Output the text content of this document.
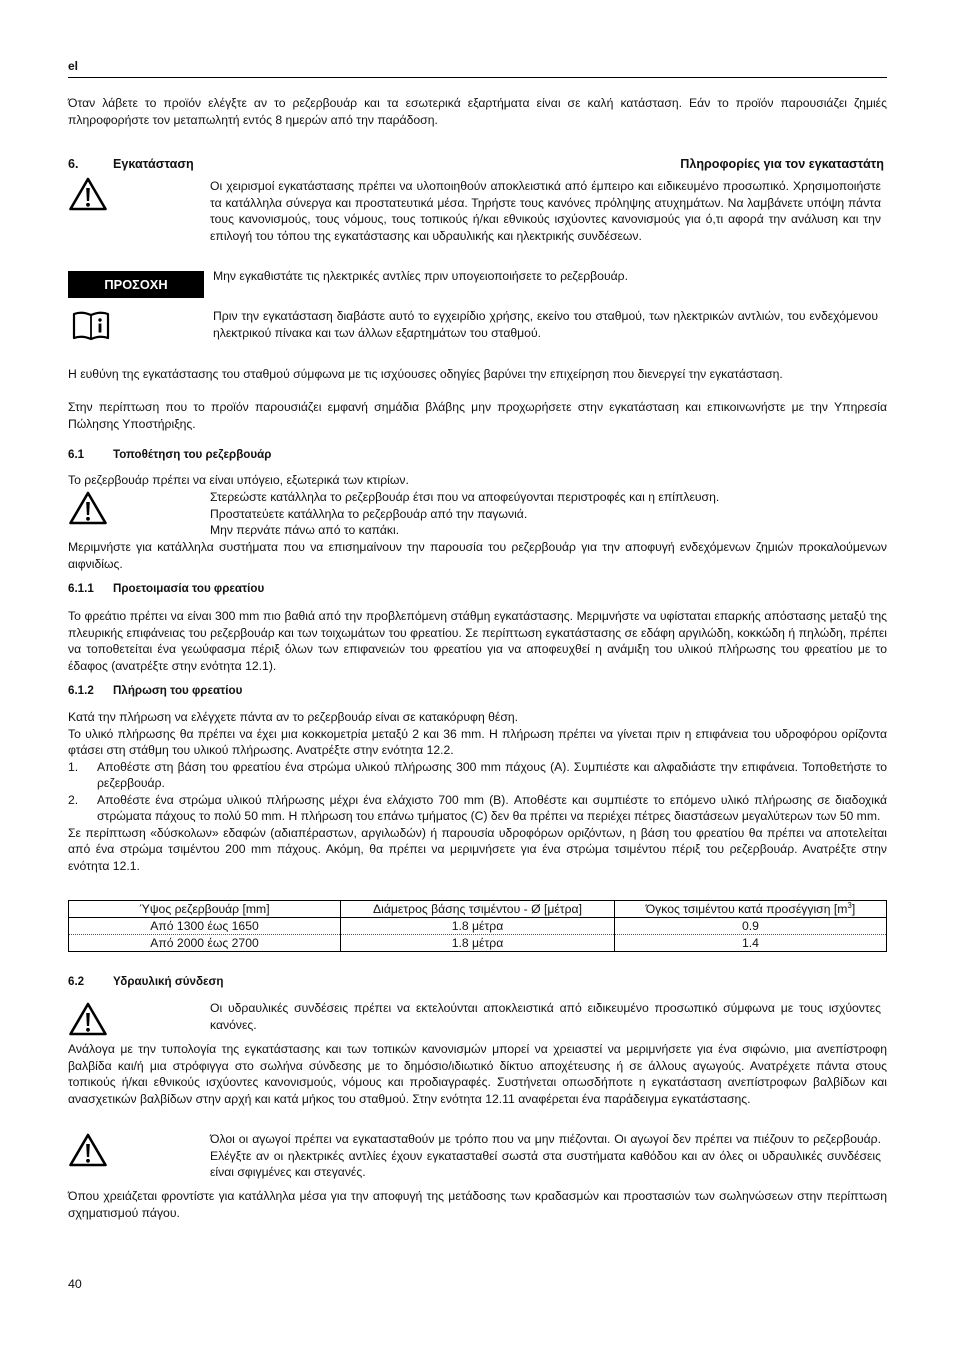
el

Όταν λάβετε το προϊόν ελέγξτε αν το ρεζερβουάρ και τα εσωτερικά εξαρτήματα είναι σε καλή κατάσταση. Εάν το προϊόν παρουσιάζει ζημιές πληροφορήστε τον μεταπωλητή εντός 8 ημερών από την παράδοση.

6.	Εγκατάσταση	Πληροφορίες για τον εγκαταστάτη

Οι χειρισμοί εγκατάστασης πρέπει να υλοποιηθούν αποκλειστικά από έμπειρο και ειδικευμένο προσωπικό. Χρησιμοποιήστε τα κατάλληλα σύνεργα και προστατευτικά μέσα. Τηρήστε τους κανόνες πρόληψης ατυχημάτων. Να λαμβάνετε υπόψη πάντα τους κανονισμούς, τους νόμους, τους τοπικούς ή/και εθνικούς ισχύοντες κανονισμούς για ό,τι αφορά την ανάλυση και την επιλογή του τόπου της εγκατάστασης και υδραυλικής και ηλεκτρικής συνδέσεων.

ΠΡΟΣΟΧΗ

Μην εγκαθιστάτε τις ηλεκτρικές αντλίες πριν υπογειοποιήσετε το ρεζερβουάρ.

Πριν την εγκατάσταση διαβάστε αυτό το εγχειρίδιο χρήσης, εκείνο του σταθμού, των ηλεκτρικών αντλιών, του ενδεχόμενου ηλεκτρικού πίνακα και των άλλων εξαρτημάτων του σταθμού.

Η ευθύνη της εγκατάστασης του σταθμού σύμφωνα με τις ισχύουσες οδηγίες βαρύνει την επιχείρηση που διενεργεί την εγκατάσταση.

Στην περίπτωση που το προϊόν παρουσιάζει εμφανή σημάδια βλάβης μην προχωρήσετε στην εγκατάσταση και επικοινωνήστε με την Υπηρεσία Πώλησης Υποστήριξης.

6.1 Τοποθέτηση του ρεζερβουάρ

Το ρεζερβουάρ πρέπει να είναι υπόγειο, εξωτερικά των κτιρίων.

Στερεώστε κατάλληλα το ρεζερβουάρ έτσι που να αποφεύγονται περιστροφές και η επίπλευση.
Προστατεύετε κατάλληλα το ρεζερβουάρ από την παγωνιά.
Μην περνάτε πάνω από το καπάκι.

Μεριμνήστε για κατάλληλα συστήματα που να επισημαίνουν την παρουσία του ρεζερβουάρ για την αποφυγή ενδεχόμενων ζημιών προκαλούμενων αιφνιδίως.

6.1.1 Προετοιμασία του φρεατίου

Το φρεάτιο πρέπει να είναι 300 mm πιο βαθιά από την προβλεπόμενη στάθμη εγκατάστασης. Μεριμνήστε να υφίσταται επαρκής απόστασης μεταξύ της πλευρικής επιφάνειας του ρεζερβουάρ και των τοιχωμάτων του φρεατίου. Σε περίπτωση εγκατάστασης σε εδάφη αργιλώδη, κοκκώδη ή πηλώδη, πρέπει να τοποθετείται ένα γεωύφασμα πέριξ όλων των επιφανειών του φρεατίου για να αποφευχθεί η ανάμιξη του υλικού πλήρωσης του φρεατίου με το έδαφος (ανατρέξτε στην ενότητα 12.1).

6.1.2 Πλήρωση του φρεατίου

Κατά την πλήρωση να ελέγχετε πάντα αν το ρεζερβουάρ είναι σε κατακόρυφη θέση.

Το υλικό πλήρωσης θα πρέπει να έχει μια κοκκομετρία μεταξύ 2 και 36 mm. Η πλήρωση πρέπει να γίνεται πριν η επιφάνεια του υδροφόρου ορίζοντα φτάσει στη στάθμη του υλικού πλήρωσης. Ανατρέξτε στην ενότητα 12.2.

1. Αποθέστε στη βάση του φρεατίου ένα στρώμα υλικού πλήρωσης 300 mm πάχους (A). Συμπιέστε και αλφαδιάστε την επιφάνεια. Τοποθετήστε το ρεζερβουάρ.
2. Αποθέστε ένα στρώμα υλικού πλήρωσης μέχρι ένα ελάχιστο 700 mm (B). Αποθέστε και συμπιέστε το επόμενο υλικό πλήρωσης σε διαδοχικά στρώματα πάχους το πολύ 50 mm. Η πλήρωση του επάνω τμήματος (C) δεν θα πρέπει να περιέχει πέτρες διαστάσεων μεγαλύτερων των 50 mm.

Σε περίπτωση «δύσκολων» εδαφών (αδιαπέραστων, αργιλωδών) ή παρουσία υδροφόρων οριζόντων, η βάση του φρεατίου θα πρέπει να αποτελείται από ένα στρώμα τσιμέντου 200 mm πάχους. Ακόμη, θα πρέπει να μεριμνήσετε για ένα στρώμα τσιμέντου πέριξ του ρεζερβουάρ. Ανατρέξτε στην ενότητα 12.1.

Ύψος ρεζερβουάρ [mm]	Διάμετρος βάσης τσιμέντου - Ø [μέτρα]	Όγκος τσιμέντου κατά προσέγγιση $[m^3]$
Από 1300 έως 1650	1.8 μέτρα	0.9
Από 2000 έως 2700	1.8 μέτρα	1.4
6.2 Υδραυλική σύνδεση

Οι υδραυλικές συνδέσεις πρέπει να εκτελούνται αποκλειστικά από ειδικευμένο προσωπικό σύμφωνα με τους ισχύοντες κανόνες.

Ανάλογα με την τυπολογία της εγκατάστασης και των τοπικών κανονισμών μπορεί να χρειαστεί να μεριμνήσετε για ένα σιφώνιο, μια ανεπίστροφη βαλβίδα και/ή μια στρόφιγγα στο σωλήνα σύνδεσης με το δημόσιο/ιδιωτικό δίκτυο αποχέτευσης ή σε άλλους αγωγούς. Ανατρέχετε πάντα στους τοπικούς ή/και εθνικούς ισχύοντες κανονισμούς, νόμους και προδιαγραφές. Συστήνεται οπωσδήποτε η εγκατάσταση ανεπίστροφων βαλβίδων και ανασχετικών βαλβίδων στην αρχή και κατά μήκος του σταθμού. Στην ενότητα 12.11 αναφέρεται ένα παράδειγμα εγκατάστασης.

Όλοι οι αγωγοί πρέπει να εγκατασταθούν με τρόπο που να μην πιέζονται. Οι αγωγοί δεν πρέπει να πιέζουν το ρεζερβουάρ. Ελέγξτε αν οι ηλεκτρικές αντλίες έχουν εγκατασταθεί σωστά στα συστήματα καθόδου και αν όλες οι υδραυλικές συνδέσεις είναι σφιγμένες και στεγανές.

Όπου χρειάζεται φροντίστε για κατάλληλα μέσα για την αποφυγή της μετάδοσης των κραδασμών και προστασιών των σωληνώσεων στην περίπτωση σχηματισμού πάγου.

40
